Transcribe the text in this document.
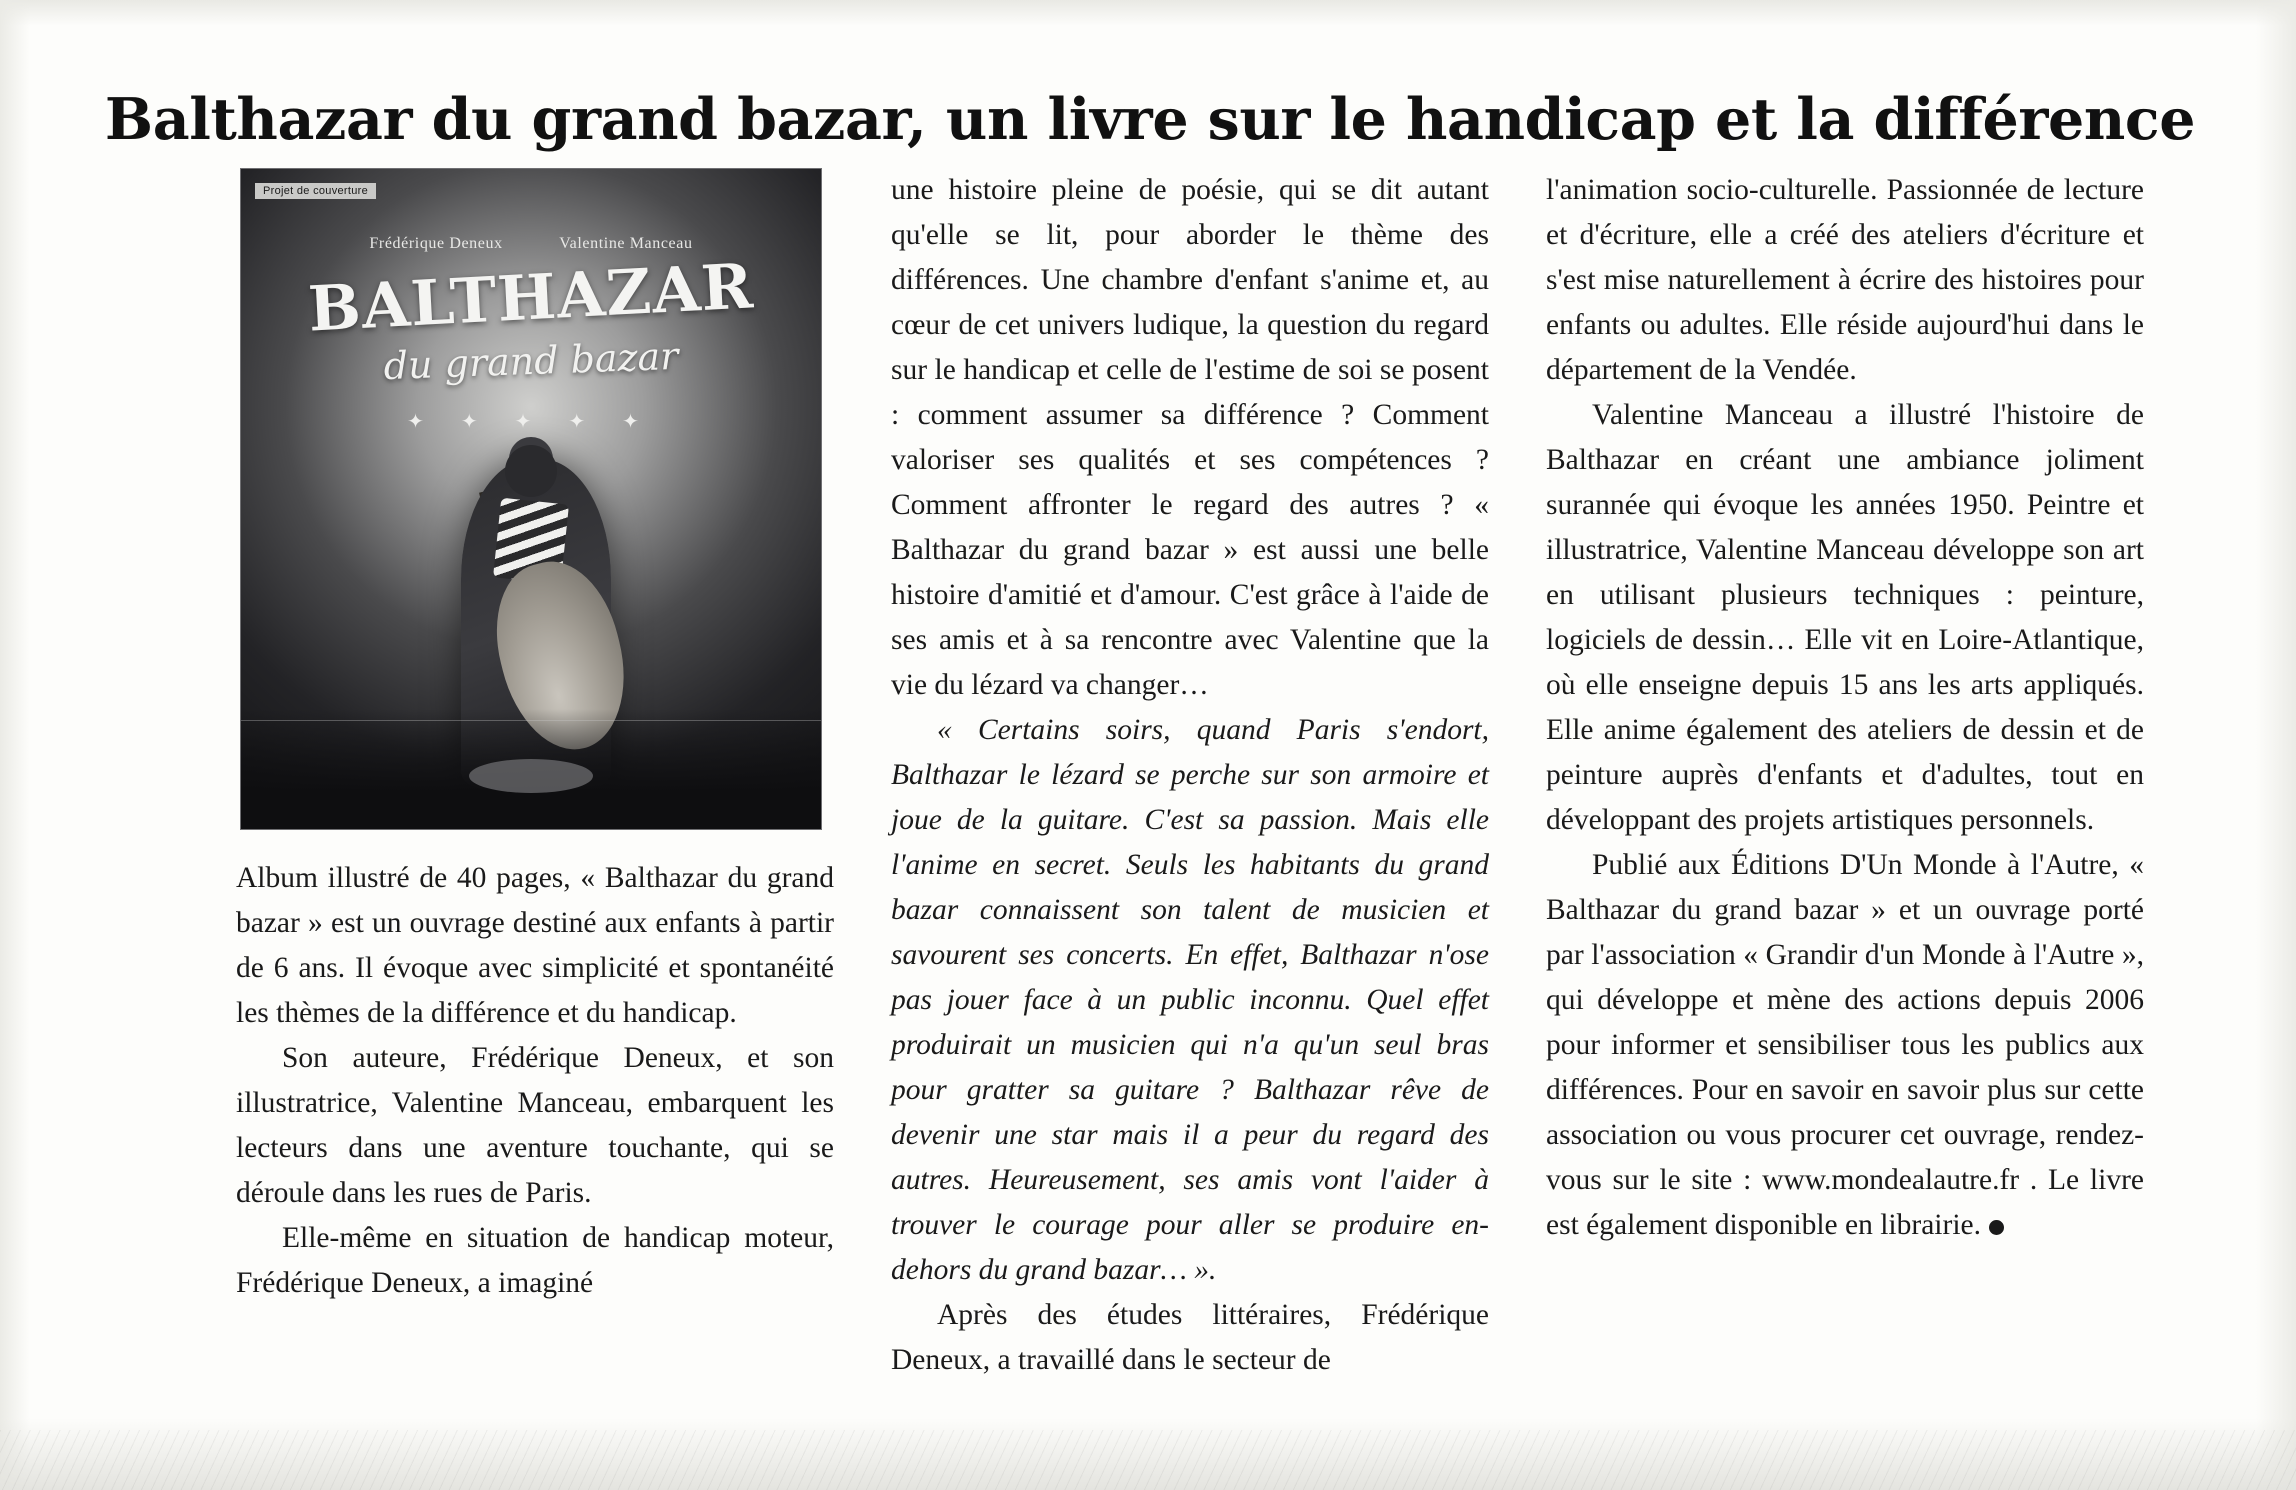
Balthazar du grand bazar, un livre sur le handicap et la différence
Projet de couverture
Frédérique Deneux	Valentine Manceau
BALTHAZAR
du grand bazar
✦ ✦ ✦ ✦ ✦

Album illustré de 40 pages, « Balthazar du grand bazar » est un ouvrage destiné aux enfants à partir de 6 ans. Il évoque avec simplicité et spontanéité les thèmes de la différence et du handicap.

Son auteure, Frédérique Deneux, et son illustratrice, Valentine Manceau, embarquent les lecteurs dans une aventure touchante, qui se déroule dans les rues de Paris.

Elle-même en situation de handicap moteur, Frédérique Deneux, a imaginé

une histoire pleine de poésie, qui se dit autant qu'elle se lit, pour aborder le thème des différences. Une chambre d'enfant s'anime et, au cœur de cet univers ludique, la question du regard sur le handicap et celle de l'estime de soi se posent : comment assumer sa différence ? Comment valoriser ses qualités et ses compétences ? Comment affronter le regard des autres ? « Balthazar du grand bazar » est aussi une belle histoire d'amitié et d'amour. C'est grâce à l'aide de ses amis et à sa rencontre avec Valentine que la vie du lézard va changer…

« Certains soirs, quand Paris s'endort, Balthazar le lézard se perche sur son armoire et joue de la guitare. C'est sa passion. Mais elle l'anime en secret. Seuls les habitants du grand bazar connaissent son talent de musicien et savourent ses concerts. En effet, Balthazar n'ose pas jouer face à un public inconnu. Quel effet produirait un musicien qui n'a qu'un seul bras pour gratter sa guitare ? Balthazar rêve de devenir une star mais il a peur du regard des autres. Heureusement, ses amis vont l'aider à trouver le courage pour aller se produire en-dehors du grand bazar… ».

Après des études littéraires, Frédérique Deneux, a travaillé dans le secteur de

l'animation socio-culturelle. Passionnée de lecture et d'écriture, elle a créé des ateliers d'écriture et s'est mise naturellement à écrire des histoires pour enfants ou adultes. Elle réside aujourd'hui dans le département de la Vendée.

Valentine Manceau a illustré l'histoire de Balthazar en créant une ambiance joliment surannée qui évoque les années 1950. Peintre et illustratrice, Valentine Manceau développe son art en utilisant plusieurs techniques : peinture, logiciels de dessin… Elle vit en Loire-Atlantique, où elle enseigne depuis 15 ans les arts appliqués. Elle anime également des ateliers de dessin et de peinture auprès d'enfants et d'adultes, tout en développant des projets artistiques personnels.

Publié aux Éditions D'Un Monde à l'Autre, « Balthazar du grand bazar » et un ouvrage porté par l'association « Grandir d'un Monde à l'Autre », qui développe et mène des actions depuis 2006 pour informer et sensibiliser tous les publics aux différences. Pour en savoir en savoir plus sur cette association ou vous procurer cet ouvrage, rendez-vous sur le site : www.mondealautre.fr . Le livre est également disponible en librairie.
